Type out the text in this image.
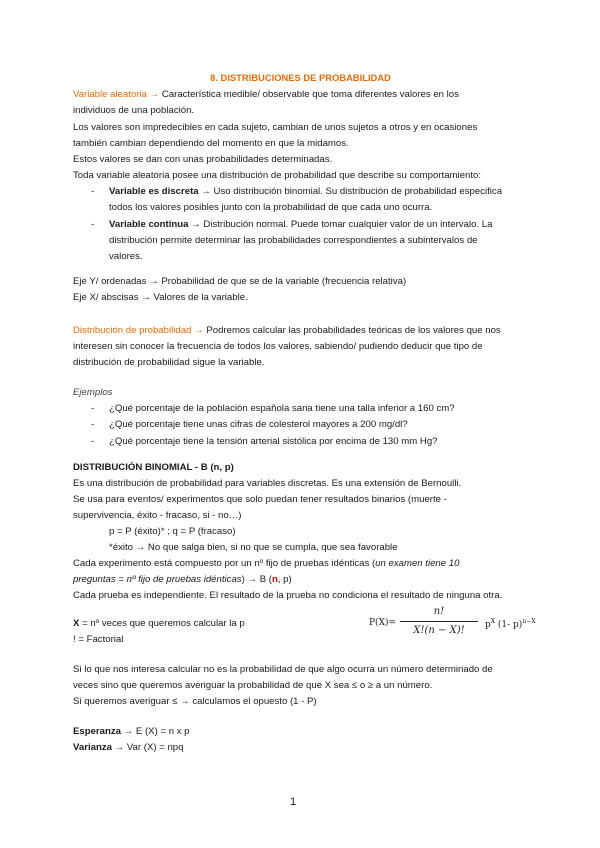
8. DISTRIBUCIONES DE PROBABILIDAD
Variable aleatoria → Característica medible/ observable que toma diferentes valores en los
individuos de una población.
Los valores son impredecibles en cada sujeto, cambian de unos sujetos a otros y en ocasiones
también cambian dependiendo del momento en que la midamos.
Estos valores se dan con unas probabilidades determinadas.
Toda variable aleatoria posee una distribución de probabilidad que describe su comportamiento:
- Variable es discreta → Uso distribución binomial. Su distribución de probabilidad especifica
todos los valores posibles junto con la probabilidad de que cada uno ocurra.
- Variable continua → Distribución normal. Puede tomar cualquier valor de un intervalo. La
distribución permite determinar las probabilidades correspondientes a subintervalos de
valores.
Eje Y/ ordenadas → Probabilidad de que se de la variable (frecuencia relativa)
Eje X/ abscisas → Valores de la variable.
Distribución de probabilidad → Podremos calcular las probabilidades teóricas de los valores que nos
interesen sin conocer la frecuencia de todos los valores, sabiendo/ pudiendo deducir que tipo de
distribución de probabilidad sigue la variable.
Ejemplos
- ¿Qué porcentaje de la población española sana tiene una talla inferior a 160 cm?
- ¿Qué porcentaje tiene unas cifras de colesterol mayores a 200 mg/dl?
- ¿Qué porcentaje tiene la tensión arterial sistólica por encima de 130 mm Hg?
DISTRIBUCIÓN BINOMIAL - B (n, p)
Es una distribución de probabilidad para variables discretas. Es una extensión de Bernoulli.
Se usa para eventos/ experimentos que solo puedan tener resultados binarios (muerte -
supervivencia, éxito - fracaso, si - no…)
p = P (éxito)* ; q = P (fracaso)
*éxito → No que salga bien, si no que se cumpla, que sea favorable
Cada experimento está compuesto por un nº fijo de pruebas idénticas (un examen tiene 10
preguntas = nº fijo de pruebas idénticas) → B (n, p)
Cada prueba es independiente. El resultado de la prueba no condiciona el resultado de ninguna otra.
X = nº veces que queremos calcular la p
! = Factorial
P(X)=
n!
X!(n − X)!	$p^X$ (1- p)$^{n-X}$
Si lo que nos interesa calcular no es la probabilidad de que algo ocurra un número determinado de
veces sino que queremos averiguar la probabilidad de que X sea ≤ o ≥ a un número.
Si queremos averiguar ≤ → calculamos el opuesto (1 - P)
Esperanza → E (X) = n x p
Varianza → Var (X) = npq
1
